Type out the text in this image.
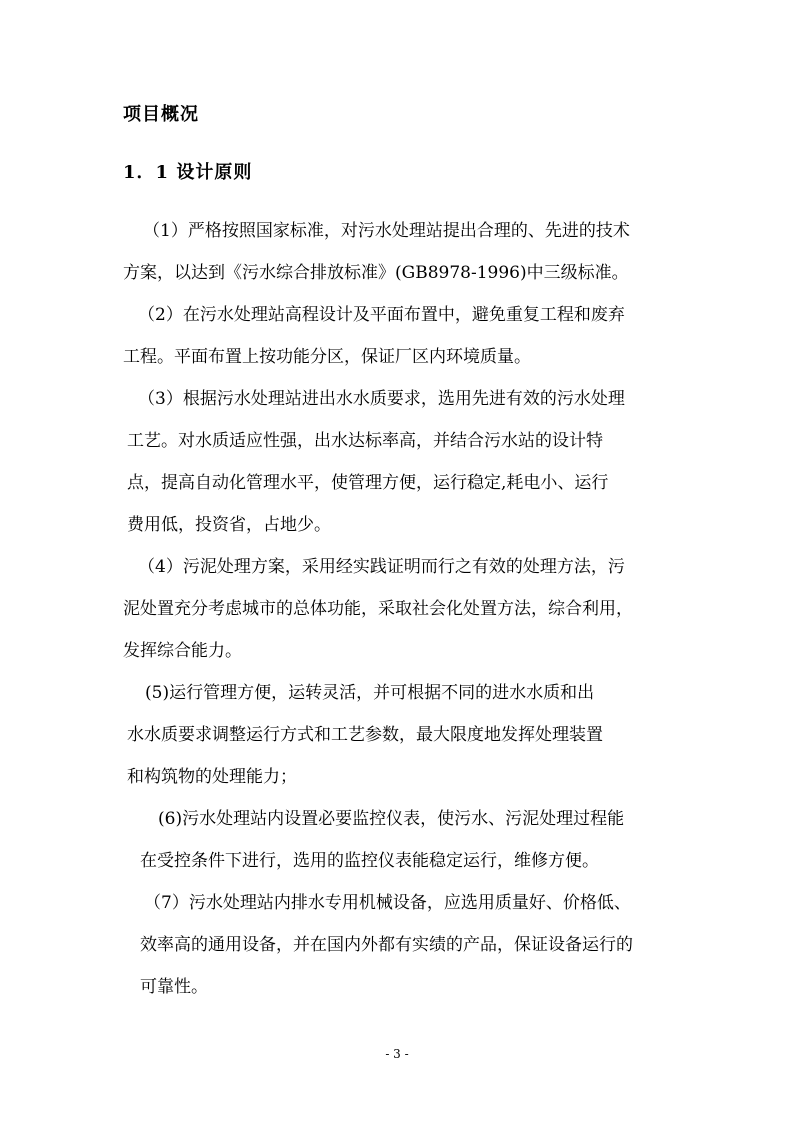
项目概况
1．1 设计原则
（1）严格按照国家标准，对污水处理站提出合理的、先进的技术
方案，以达到《污水综合排放标准》(GB8978-1996)中三级标准。
（2）在污水处理站高程设计及平面布置中，避免重复工程和废弃
工程。平面布置上按功能分区，保证厂区内环境质量。
（3）根据污水处理站进出水水质要求，选用先进有效的污水处理
工艺。对水质适应性强，出水达标率高，并结合污水站的设计特
点，提高自动化管理水平，使管理方便，运行稳定,耗电小、运行
费用低，投资省，占地少。
（4）污泥处理方案，采用经实践证明而行之有效的处理方法，污
泥处置充分考虑城市的总体功能，采取社会化处置方法，综合利用，
发挥综合能力。
(5)运行管理方便，运转灵活，并可根据不同的进水水质和出
水水质要求调整运行方式和工艺参数，最大限度地发挥处理装置
和构筑物的处理能力；
(6)污水处理站内设置必要监控仪表，使污水、污泥处理过程能
在受控条件下进行，选用的监控仪表能稳定运行，维修方便。
（7）污水处理站内排水专用机械设备，应选用质量好、价格低、
效率高的通用设备，并在国内外都有实绩的产品，保证设备运行的
可靠性。
- 3 -
